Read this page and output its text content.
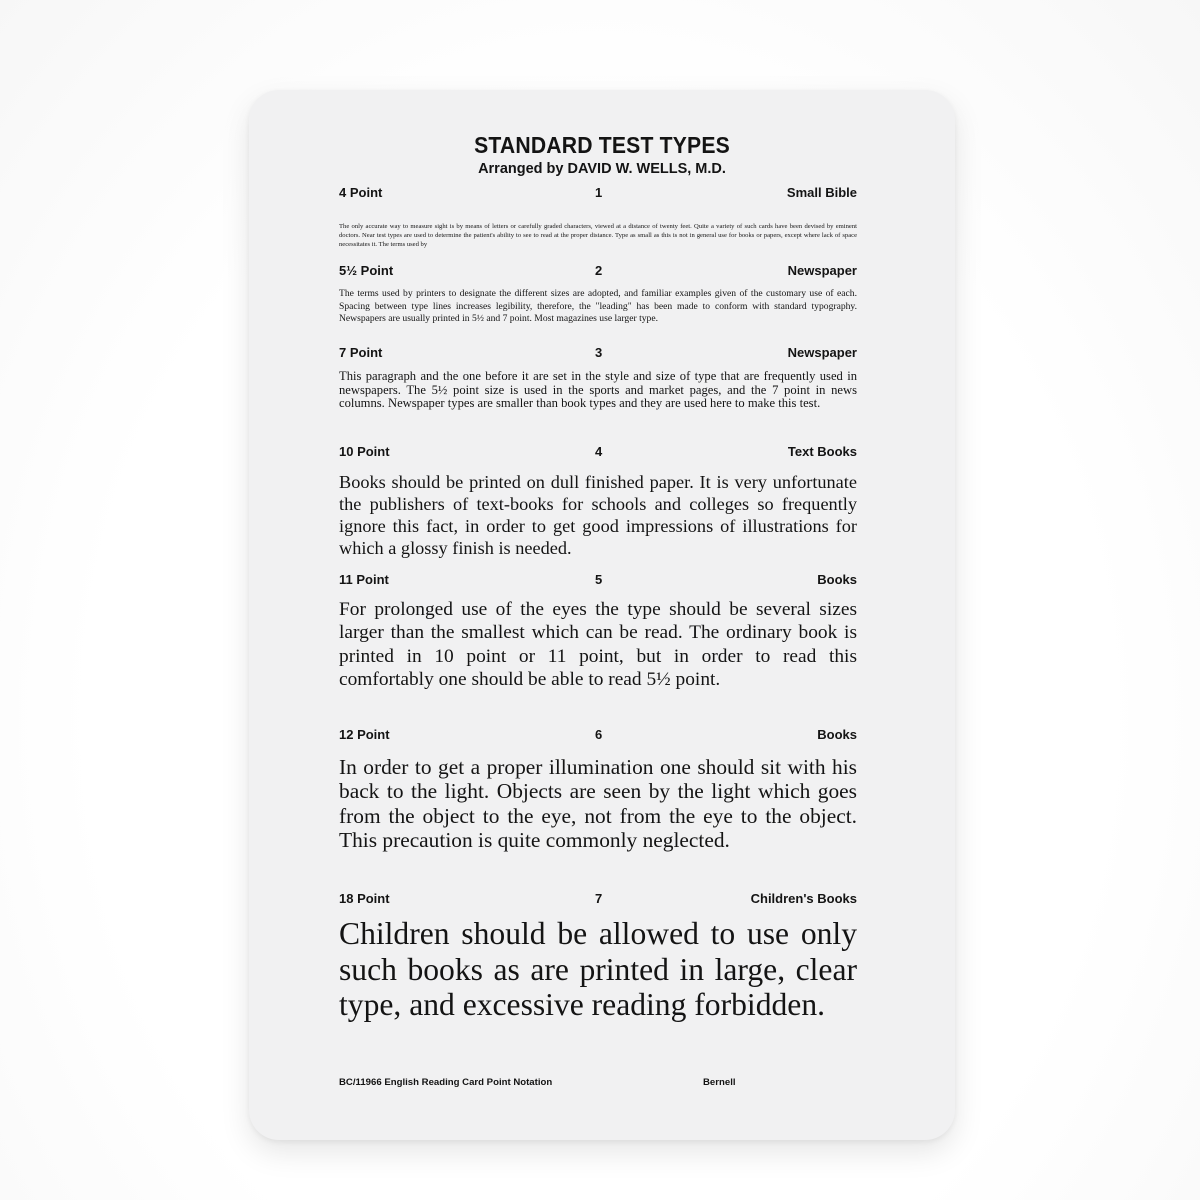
STANDARD TEST TYPES
Arranged by DAVID W. WELLS, M.D.
4 Point	1	Small Bible
The only accurate way to measure sight is by means of letters or carefully graded characters, viewed at a distance of twenty feet. Quite a variety of such cards have been devised by eminent doctors. Near test types are used to determine the patient's ability to see to read at the proper distance. Type as small as this is not in general use for books or papers, except where lack of space necessitates it. The terms used by
5½ Point	2	Newspaper
The terms used by printers to designate the different sizes are adopted, and familiar examples given of the customary use of each. Spacing between type lines increases legibility, therefore, the "leading" has been made to conform with standard typography. Newspapers are usually printed in 5½ and 7 point. Most magazines use larger type.
7 Point	3	Newspaper
This paragraph and the one before it are set in the style and size of type that are frequently used in newspapers. The 5½ point size is used in the sports and market pages, and the 7 point in news columns. Newspaper types are smaller than book types and they are used here to make this test.
10 Point	4	Text Books
Books should be printed on dull finished paper. It is very unfortunate the publishers of text-books for schools and colleges so frequently ignore this fact, in order to get good impressions of illustrations for which a glossy finish is needed.
11 Point	5	Books
For prolonged use of the eyes the type should be several sizes larger than the smallest which can be read. The ordinary book is printed in 10 point or 11 point, but in order to read this comfortably one should be able to read 5½ point.
12 Point	6	Books
In order to get a proper illumination one should sit with his back to the light. Objects are seen by the light which goes from the object to the eye, not from the eye to the object. This precaution is quite commonly neglected.
18 Point	7	Children's Books
Children should be allowed to use only such books as are printed in large, clear type, and excessive reading forbidden.
BC/11966 English Reading Card Point Notation	Bernell
